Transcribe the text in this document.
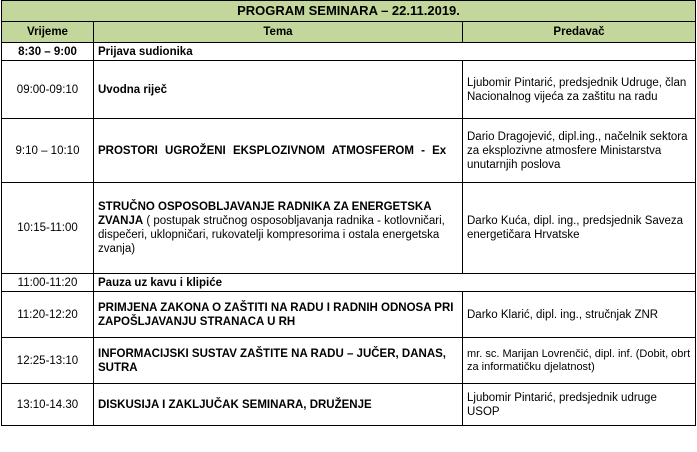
PROGRAM SEMINARA – 22.11.2019.		
Vrijeme	Tema	Predavač
8:30 – 9:00	Prijava sudionika	
09:00-09:10	Uvodna riječ	Ljubomir Pintarić, predsjednik Udruge, član Nacionalnog vijeća za zaštitu na radu
9:10 – 10:10	PROSTORI UGROŽENI EKSPLOZIVNOM ATMOSFEROM - Ex	Dario Dragojević, dipl.ing., načelnik sektora za eksplozivne atmosfere Ministarstva unutarnjih poslova
10:15-11:00	STRUČNO OSPOSOBLJAVANJE RADNIKA ZA ENERGETSKA ZVANJA ( postupak stručnog osposobljavanja radnika - kotlovničari, dispečeri, uklopničari, rukovatelji kompresorima i ostala energetska zvanja)	Darko Kuća, dipl. ing., predsjednik Saveza energetičara Hrvatske
11:00-11:20	Pauza uz kavu i klipiće	
11:20-12:20	PRIMJENA ZAKONA O ZAŠTITI NA RADU I RADNIH ODNOSA PRI ZAPOŠLJAVANJU STRANACA U RH	Darko Klarić, dipl. ing., stručnjak ZNR
12:25-13:10	INFORMACIJSKI SUSTAV ZAŠTITE NA RADU – JUČER, DANAS, SUTRA	mr. sc. Marijan Lovrenčić, dipl. inf. (Dobit, obrt za informatičku djelatnost)
13:10-14.30	DISKUSIJA I ZAKLJUČAK SEMINARA, DRUŽENJE	Ljubomir Pintarić, predsjednik udruge USOP
